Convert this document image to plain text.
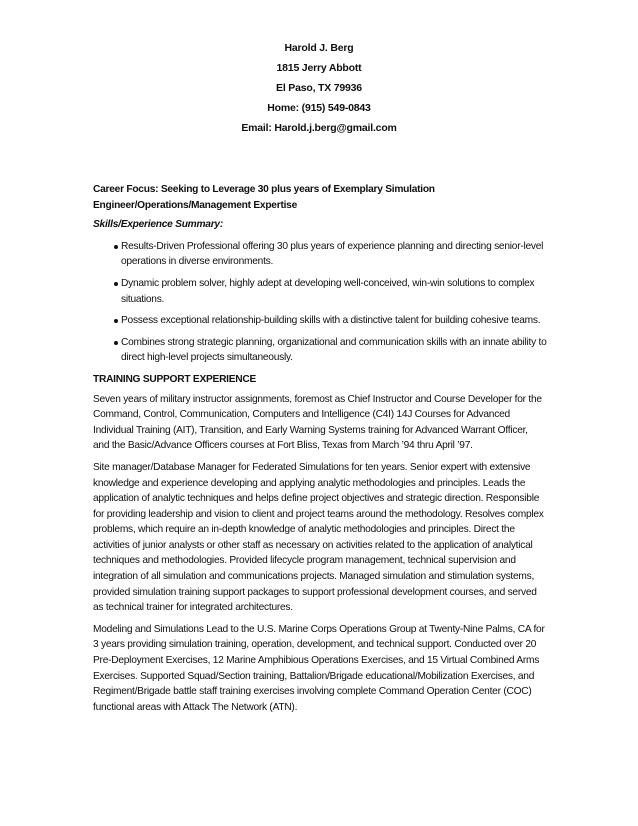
Harold J. Berg
1815 Jerry Abbott
El Paso, TX 79936
Home: (915) 549-0843
Email: Harold.j.berg@gmail.com

Career Focus: Seeking to Leverage 30 plus years of Exemplary Simulation Engineer/Operations/Management Expertise

Skills/Experience Summary:

Results-Driven Professional offering 30 plus years of experience planning and directing senior-level operations in diverse environments.
Dynamic problem solver, highly adept at developing well-conceived, win-win solutions to complex situations.
Possess exceptional relationship-building skills with a distinctive talent for building cohesive teams.
Combines strong strategic planning, organizational and communication skills with an innate ability to direct high-level projects simultaneously.

TRAINING SUPPORT EXPERIENCE

Seven years of military instructor assignments, foremost as Chief Instructor and Course Developer for the Command, Control, Communication, Computers and Intelligence (C4I) 14J Courses for Advanced Individual Training (AIT), Transition, and Early Warning Systems training for Advanced Warrant Officer, and the Basic/Advance Officers courses at Fort Bliss, Texas from March ’94 thru April ’97.

Site manager/Database Manager for Federated Simulations for ten years. Senior expert with extensive knowledge and experience developing and applying analytic methodologies and principles. Leads the application of analytic techniques and helps define project objectives and strategic direction. Responsible for providing leadership and vision to client and project teams around the methodology. Resolves complex problems, which require an in-depth knowledge of analytic methodologies and principles. Direct the activities of junior analysts or other staff as necessary on activities related to the application of analytical techniques and methodologies. Provided lifecycle program management, technical supervision and integration of all simulation and communications projects. Managed simulation and stimulation systems, provided simulation training support packages to support professional development courses, and served as technical trainer for integrated architectures.

Modeling and Simulations Lead to the U.S. Marine Corps Operations Group at Twenty-Nine Palms, CA for 3 years providing simulation training, operation, development, and technical support. Conducted over 20 Pre-Deployment Exercises, 12 Marine Amphibious Operations Exercises, and 15 Virtual Combined Arms Exercises. Supported Squad/Section training, Battalion/Brigade educational/Mobilization Exercises, and Regiment/Brigade battle staff training exercises involving complete Command Operation Center (COC) functional areas with Attack The Network (ATN).
